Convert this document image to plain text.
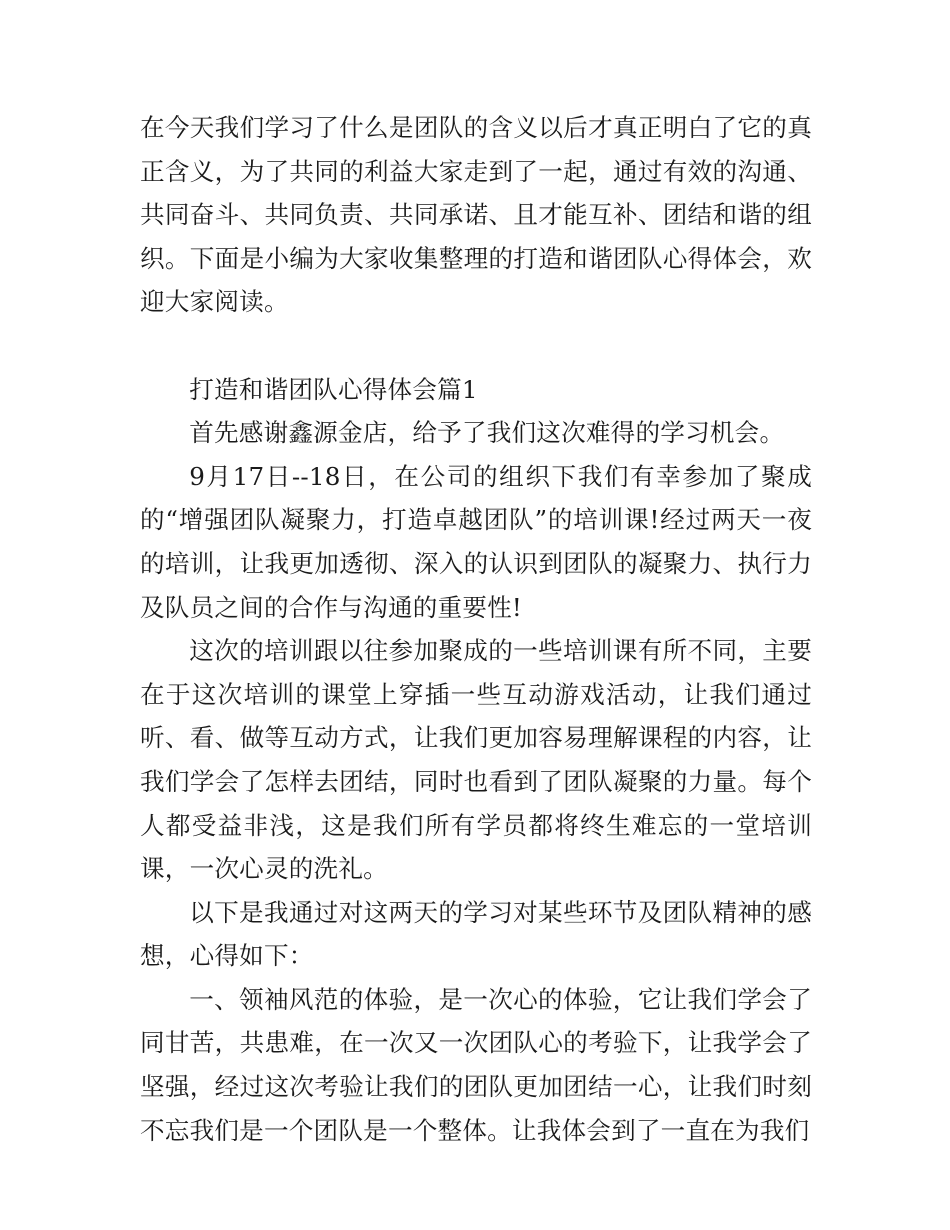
在今天我们学习了什么是团队的含义以后才真正明白了它的真正含义，为了共同的利益大家走到了一起，通过有效的沟通、共同奋斗、共同负责、共同承诺、且才能互补、团结和谐的组织。下面是小编为大家收集整理的打造和谐团队心得体会，欢迎大家阅读。

打造和谐团队心得体会篇1

首先感谢鑫源金店，给予了我们这次难得的学习机会。

9月17日--18日，在公司的组织下我们有幸参加了聚成的“增强团队凝聚力，打造卓越团队”的培训课!经过两天一夜的培训，让我更加透彻、深入的认识到团队的凝聚力、执行力及队员之间的合作与沟通的重要性!

这次的培训跟以往参加聚成的一些培训课有所不同，主要在于这次培训的课堂上穿插一些互动游戏活动，让我们通过听、看、做等互动方式，让我们更加容易理解课程的内容，让我们学会了怎样去团结，同时也看到了团队凝聚的力量。每个人都受益非浅，这是我们所有学员都将终生难忘的一堂培训课，一次心灵的洗礼。

以下是我通过对这两天的学习对某些环节及团队精神的感想，心得如下：

一、领袖风范的体验，是一次心的体验，它让我们学会了同甘苦，共患难，在一次又一次团队心的考验下，让我学会了坚强，经过这次考验让我们的团队更加团结一心，让我们时刻不忘我们是一个团队是一个整体。让我体会到了一直在为我们
